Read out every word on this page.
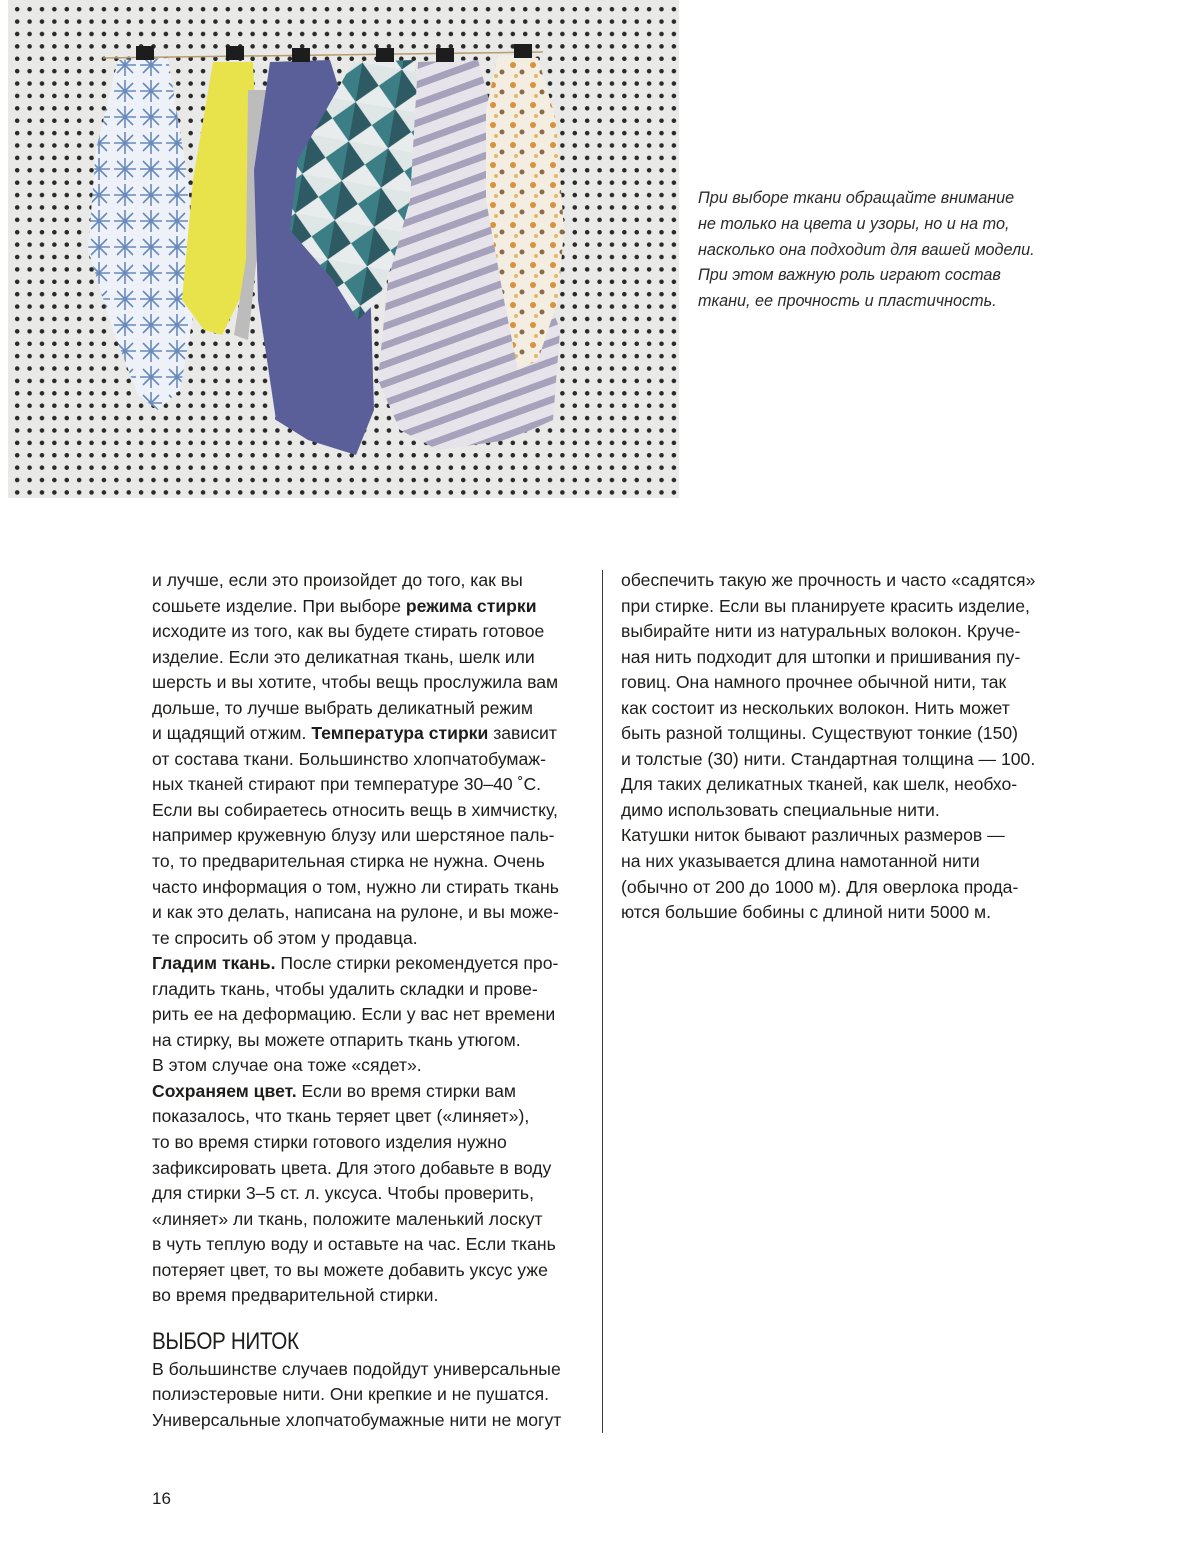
При выборе ткани обращайте внимание
не только на цвета и узоры, но и на то,
насколько она подходит для вашей модели.
При этом важную роль играют состав
ткани, ее прочность и пластичность.
и лучше, если это произойдет до того, как вы
сошьете изделие. При выборе режима стирки
исходите из того, как вы будете стирать готовое
изделие. Если это деликатная ткань, шелк или
шерсть и вы хотите, чтобы вещь прослужила вам
дольше, то лучше выбрать деликатный режим
и щадящий отжим. Температура стирки зависит
от состава ткани. Большинство хлопчатобумаж-
ных тканей стирают при температуре 30–40 ˚С.
Если вы собираетесь относить вещь в химчистку,
например кружевную блузу или шерстяное паль-
то, то предварительная стирка не нужна. Очень
часто информация о том, нужно ли стирать ткань
и как это делать, написана на рулоне, и вы може-
те спросить об этом у продавца.
Гладим ткань. После стирки рекомендуется про-
гладить ткань, чтобы удалить складки и прове-
рить ее на деформацию. Если у вас нет времени
на стирку, вы можете отпарить ткань утюгом.
В этом случае она тоже «сядет».
Сохраняем цвет. Если во время стирки вам
показалось, что ткань теряет цвет («линяет»),
то во время стирки готового изделия нужно
зафиксировать цвета. Для этого добавьте в воду
для стирки 3–5 ст. л. уксуса. Чтобы проверить,
«линяет» ли ткань, положите маленький лоскут
в чуть теплую воду и оставьте на час. Если ткань
потеряет цвет, то вы можете добавить уксус уже
во время предварительной стирки.
ВЫБОР НИТОК
В большинстве случаев подойдут универсальные
полиэстеровые нити. Они крепкие и не пушатся.
Универсальные хлопчатобумажные нити не могут
обеспечить такую же прочность и часто «садятся»
при стирке. Если вы планируете красить изделие,
выбирайте нити из натуральных волокон. Круче-
ная нить подходит для штопки и пришивания пу-
говиц. Она намного прочнее обычной нити, так
как состоит из нескольких волокон. Нить может
быть разной толщины. Существуют тонкие (150)
и толстые (30) нити. Стандартная толщина — 100.
Для таких деликатных тканей, как шелк, необхо-
димо использовать специальные нити.
Катушки ниток бывают различных размеров —
на них указывается длина намотанной нити
(обычно от 200 до 1000 м). Для оверлока прода-
ются большие бобины с длиной нити 5000 м.
16
